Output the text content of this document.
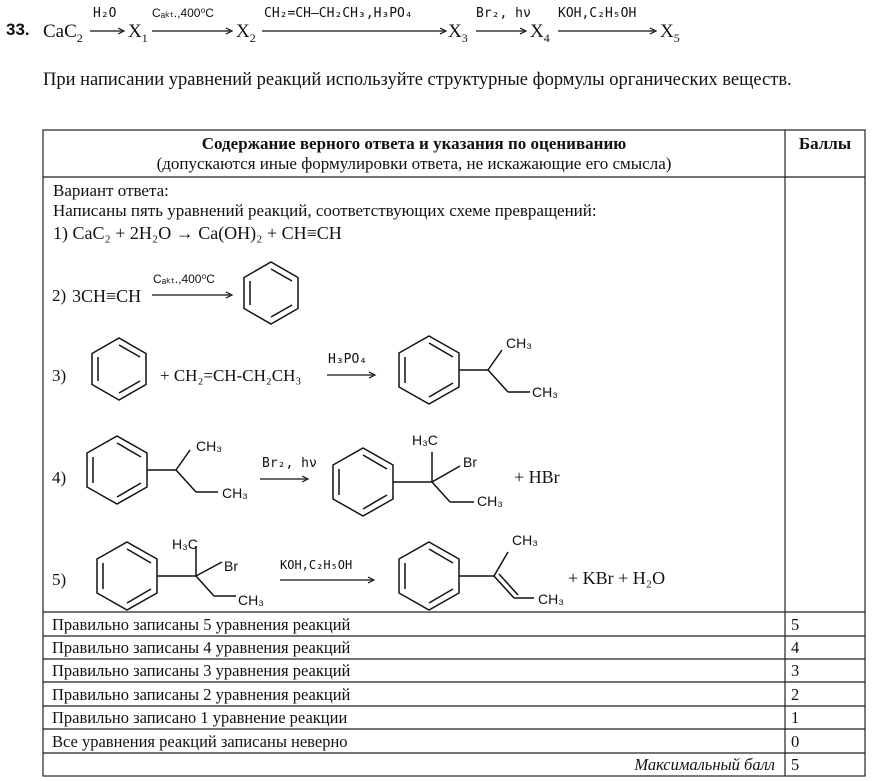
33. CaC$_2$
H₂O
$X_1$
Cₐₖₜ.,400⁰C
$X_2$
CH₂=CH–CH₂CH₃,H₃PO₄
$X_3$
Br₂, hν
$X_4$
KOH,C₂H₅OH
$X_5$

При написании уравнений реакций используйте структурные формулы органических веществ.

Содержание верного ответа и указания по оцениванию
(допускаются иные формулировки ответа, не искажающие его смысла)
Баллы
Вариант ответа:
Написаны пять уравнений реакций, соответствующих схеме превращений:
1) CaC₂ + 2H₂O → Ca(OH)₂ + CH≡CH
2) 3CH≡CH
Cₐₖₜ.,400⁰C
3)	+ CH₂=CH-CH₂CH₃
H₃PO₄
CH₃
CH₃
4)
CH₃
CH₃
Br₂, hν
H₃C
Br
CH₃
+ HBr
5)
H₃C
Br
CH₃
KOH,C₂H₅OH
CH₃
CH₃
+ KBr + H₂O
Правильно записаны 5 уравнения реакций	5
Правильно записаны 4 уравнения реакций	4
Правильно записаны 3 уравнения реакций	3
Правильно записаны 2 уравнения реакций	2
Правильно записано 1 уравнение реакции	1
Все уравнения реакций записаны неверно	0
Максимальный балл 5
